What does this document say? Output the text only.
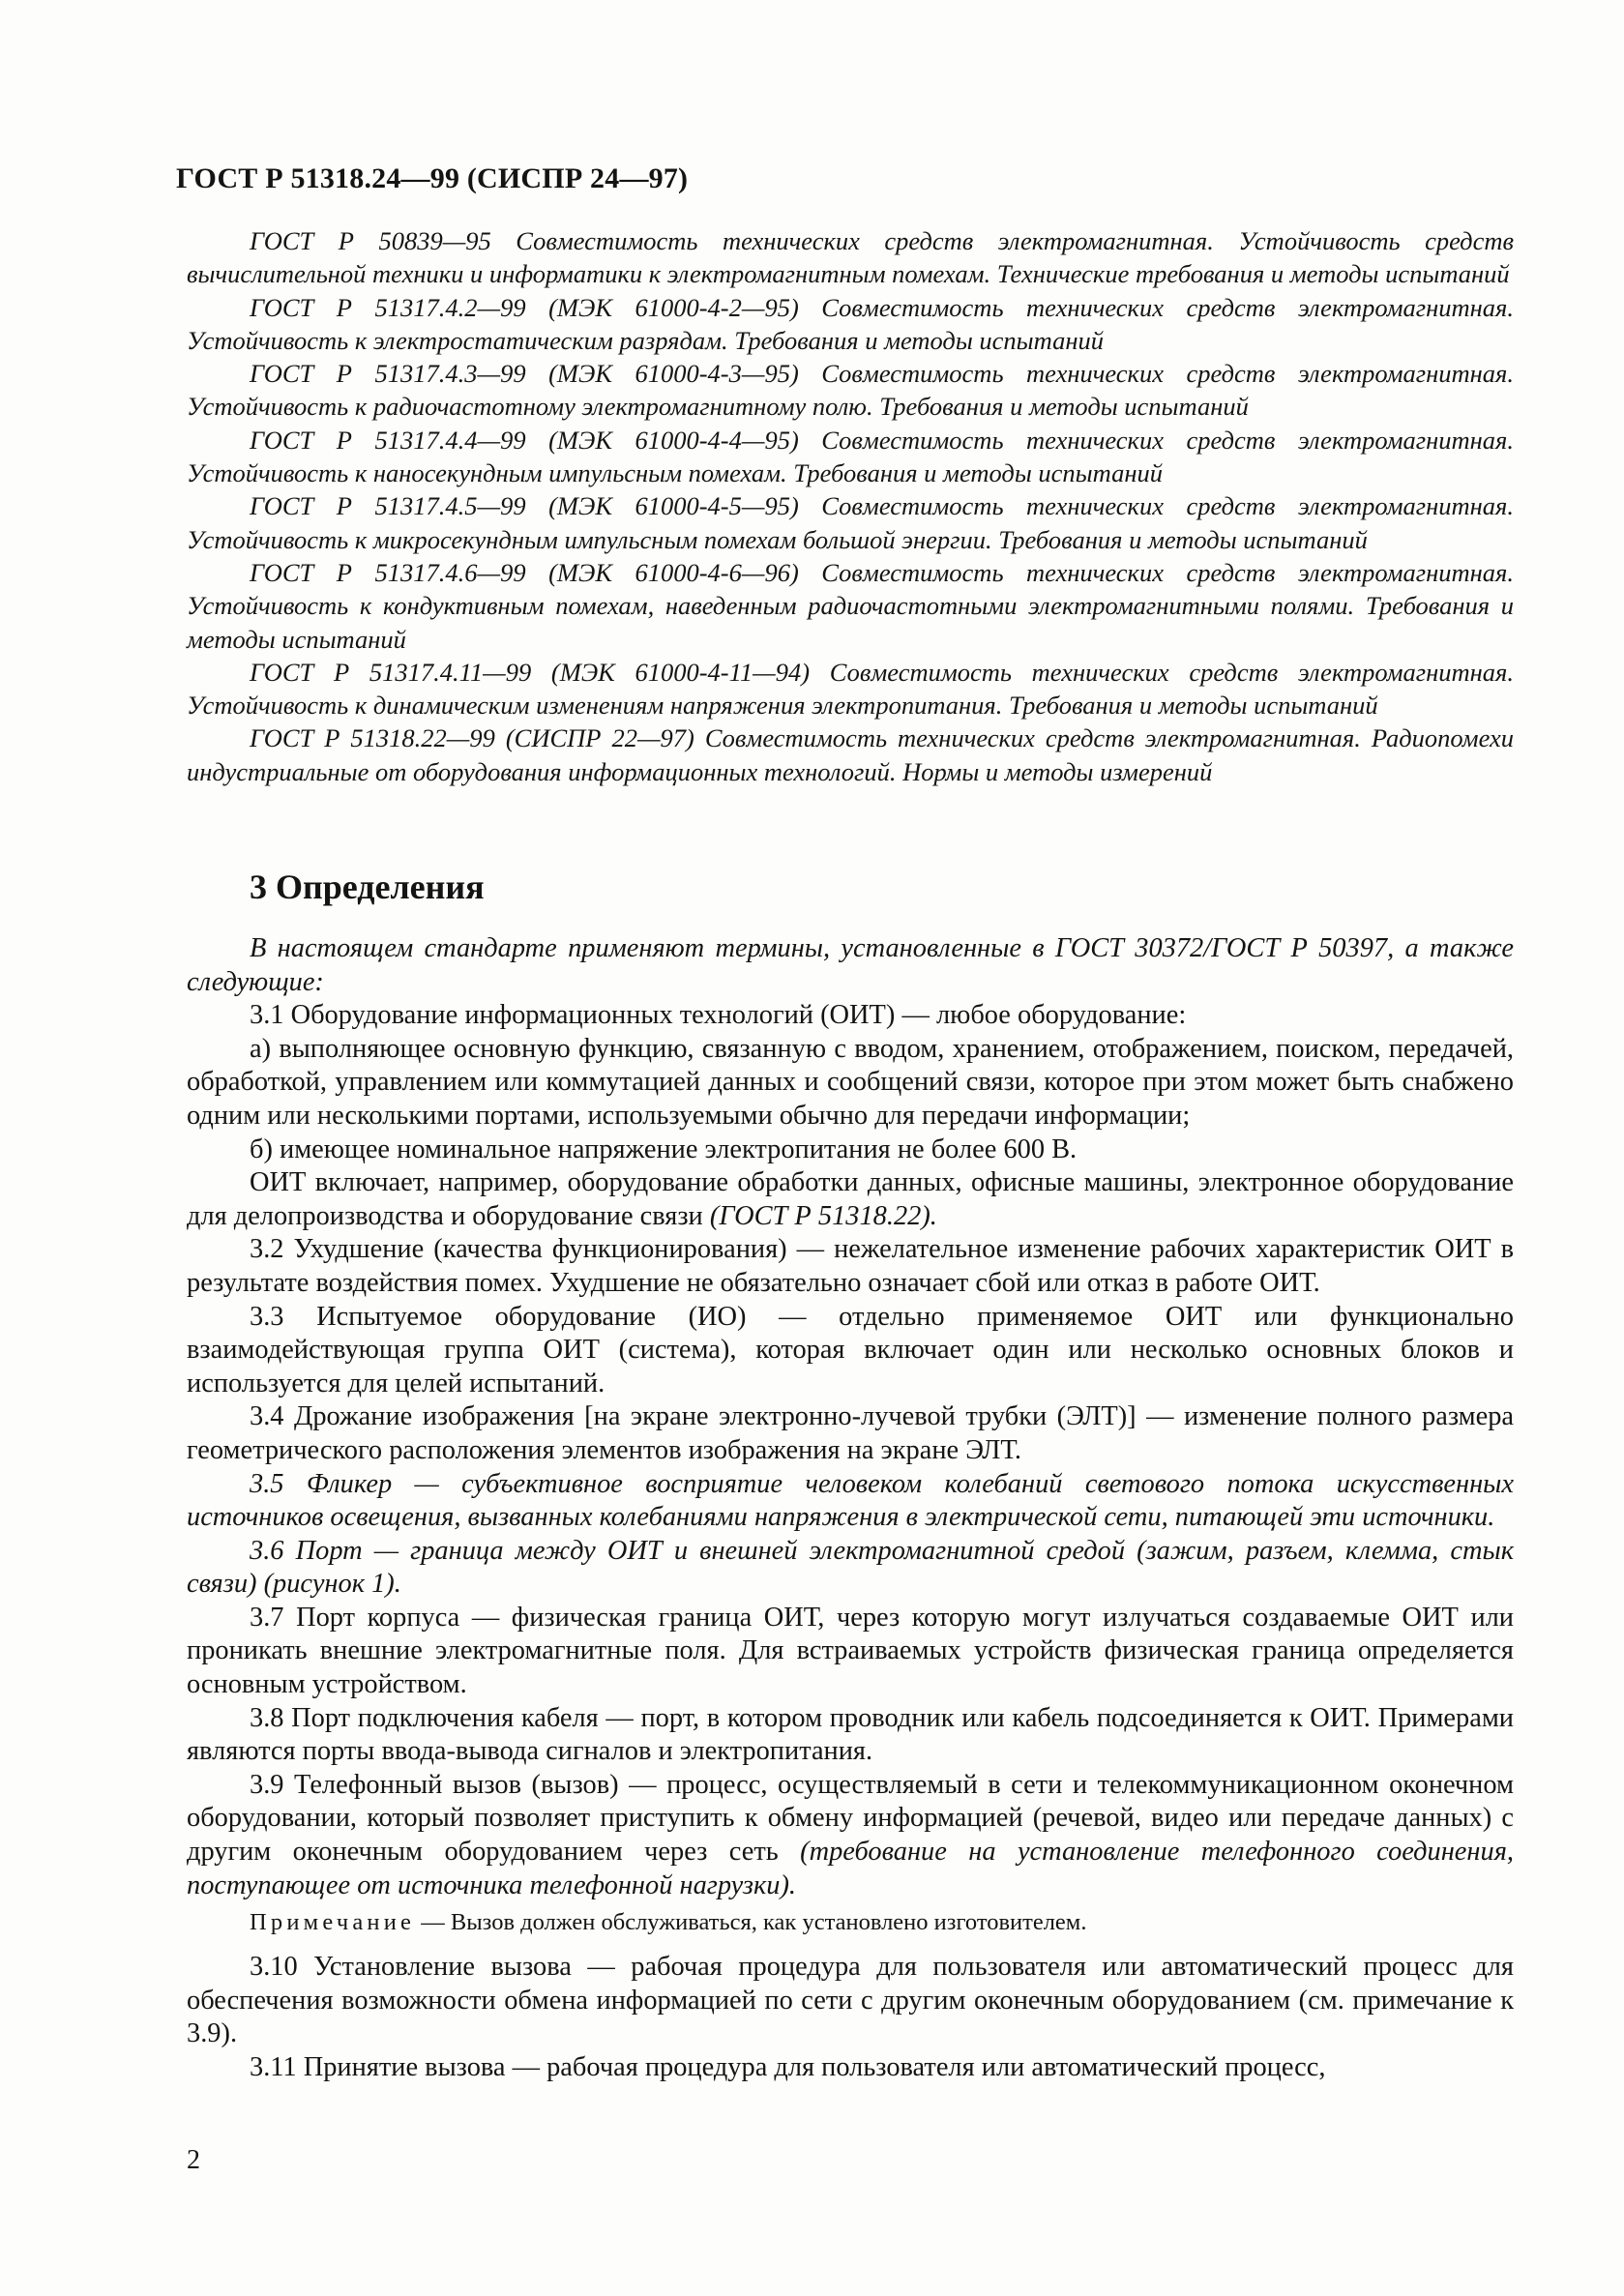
ГОСТ Р 51318.24—99 (СИСПР 24—97)

ГОСТ Р 50839—95 Совместимость технических средств электромагнитная. Устойчивость средств вычислительной техники и информатики к электромагнитным помехам. Технические требования и методы испытаний

ГОСТ Р 51317.4.2—99 (МЭК 61000-4-2—95) Совместимость технических средств электромагнитная. Устойчивость к электростатическим разрядам. Требования и методы испытаний

ГОСТ Р 51317.4.3—99 (МЭК 61000-4-3—95) Совместимость технических средств электромагнитная. Устойчивость к радиочастотному электромагнитному полю. Требования и методы испытаний

ГОСТ Р 51317.4.4—99 (МЭК 61000-4-4—95) Совместимость технических средств электромагнитная. Устойчивость к наносекундным импульсным помехам. Требования и методы испытаний

ГОСТ Р 51317.4.5—99 (МЭК 61000-4-5—95) Совместимость технических средств электромагнитная. Устойчивость к микросекундным импульсным помехам большой энергии. Требования и методы испытаний

ГОСТ Р 51317.4.6—99 (МЭК 61000-4-6—96) Совместимость технических средств электромагнитная. Устойчивость к кондуктивным помехам, наведенным радиочастотными электромагнитными полями. Требования и методы испытаний

ГОСТ Р 51317.4.11—99 (МЭК 61000-4-11—94) Совместимость технических средств электромагнитная. Устойчивость к динамическим изменениям напряжения электропитания. Требования и методы испытаний

ГОСТ Р 51318.22—99 (СИСПР 22—97) Совместимость технических средств электромагнитная. Радиопомехи индустриальные от оборудования информационных технологий. Нормы и методы измерений

3 Определения

В настоящем стандарте применяют термины, установленные в ГОСТ 30372/ГОСТ Р 50397, а также следующие:

3.1 Оборудование информационных технологий (ОИТ) — любое оборудование:

а) выполняющее основную функцию, связанную с вводом, хранением, отображением, поиском, передачей, обработкой, управлением или коммутацией данных и сообщений связи, которое при этом может быть снабжено одним или несколькими портами, используемыми обычно для передачи информации;

б) имеющее номинальное напряжение электропитания не более 600 В.

ОИТ включает, например, оборудование обработки данных, офисные машины, электронное оборудование для делопроизводства и оборудование связи (ГОСТ Р 51318.22).

3.2 Ухудшение (качества функционирования) — нежелательное изменение рабочих характеристик ОИТ в результате воздействия помех. Ухудшение не обязательно означает сбой или отказ в работе ОИТ.

3.3 Испытуемое оборудование (ИО) — отдельно применяемое ОИТ или функционально взаимодействующая группа ОИТ (система), которая включает один или несколько основных блоков и используется для целей испытаний.

3.4 Дрожание изображения [на экране электронно-лучевой трубки (ЭЛТ)] — изменение полного размера геометрического расположения элементов изображения на экране ЭЛТ.

3.5 Фликер — субъективное восприятие человеком колебаний светового потока искусственных источников освещения, вызванных колебаниями напряжения в электрической сети, питающей эти источники.

3.6 Порт — граница между ОИТ и внешней электромагнитной средой (зажим, разъем, клемма, стык связи) (рисунок 1).

3.7 Порт корпуса — физическая граница ОИТ, через которую могут излучаться создаваемые ОИТ или проникать внешние электромагнитные поля. Для встраиваемых устройств физическая граница определяется основным устройством.

3.8 Порт подключения кабеля — порт, в котором проводник или кабель подсоединяется к ОИТ. Примерами являются порты ввода-вывода сигналов и электропитания.

3.9 Телефонный вызов (вызов) — процесс, осуществляемый в сети и телекоммуникационном оконечном оборудовании, который позволяет приступить к обмену информацией (речевой, видео или передаче данных) с другим оконечным оборудованием через сеть (требование на установление телефонного соединения, поступающее от источника телефонной нагрузки).

Примечание — Вызов должен обслуживаться, как установлено изготовителем.

3.10 Установление вызова — рабочая процедура для пользователя или автоматический процесс для обеспечения возможности обмена информацией по сети с другим оконечным оборудованием (см. примечание к 3.9).

3.11 Принятие вызова — рабочая процедура для пользователя или автоматический процесс,

2
